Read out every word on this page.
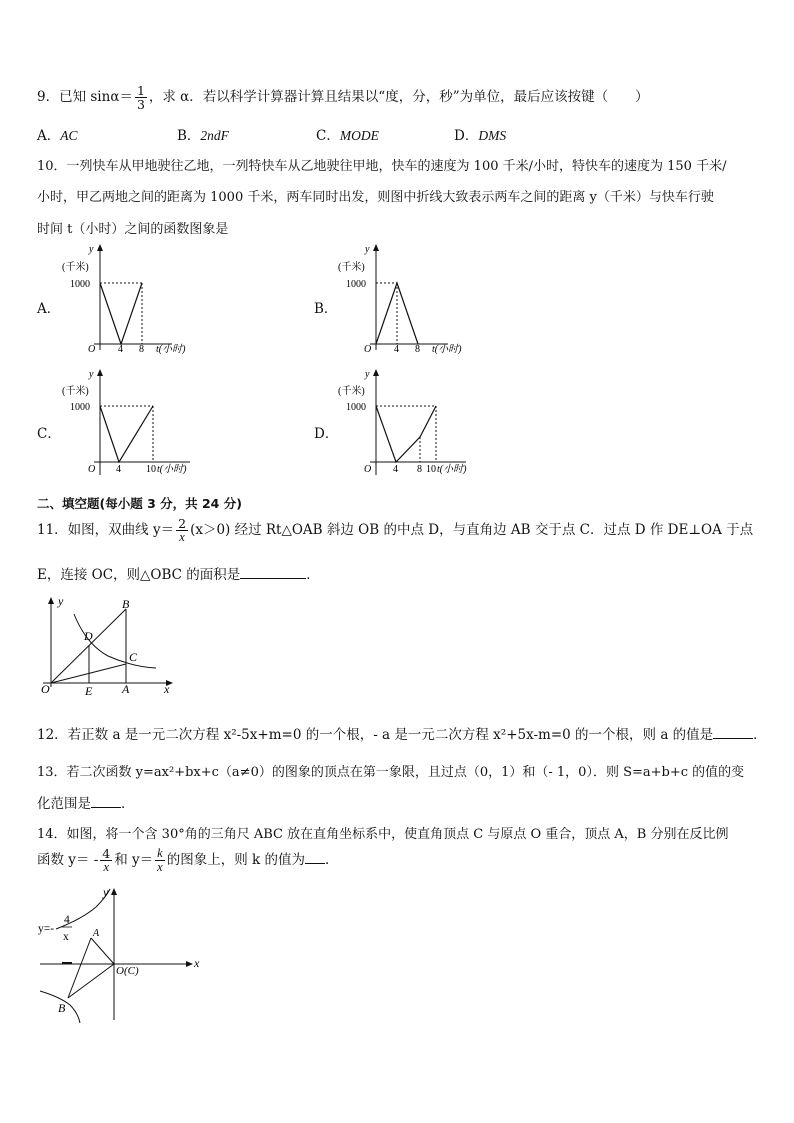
9．已知 $\sin\alpha= \frac{1}{3}$ ，求 α．若以科学计算器计算且结果以“度，分，秒”为单位，最后应该按键（　　）
A．AC	B．2ndF	C．MODE	D．DMS
10．一列快车从甲地驶往乙地，一列特快车从乙地驶往甲地，快车的速度为 100 千米/小时，特快车的速度为 150 千米/
小时，甲乙两地之间的距离为 1000 千米，两车同时出发，则图中折线大致表示两车之间的距离 y（千米）与快车行驶
时间 t（小时）之间的函数图象是
A．
y
(千米)
1000
O 4 8 t(小时)
B．
y
(千米)
1000
O 4 8 t(小时)
C．
y
(千米)
1000
O 4	10 t(小时)
D．
y
(千米)
1000
O 4 8 10 t(小时)
二、填空题(每小题 3 分，共 24 分)
11．如图，双曲线 $y= \frac{2}{x} (x>0)$ 经过 Rt△OAB 斜边 OB 的中点 D，与直角边 AB 交于点 C．过点 D 作 DE⊥OA 于点
E，连接 OC，则△OBC 的面积是	．
y	B
D
C
O	E A	x
12．若正数 a 是一元二次方程 x²-5x+m=0 的一个根，- a 是一元二次方程 x²+5x-m=0 的一个根，则 a 的值是	．
13．若二次函数 y=ax²+bx+c（a≠0）的图象的顶点在第一象限，且过点（0，1）和（- 1，0）．则 S=a+b+c 的值的变
化范围是 ．
14．如图，将一个含 30°角的三角尺 ABC 放在直角坐标系中，使直角顶点 C 与原点 O 重合，顶点 A，B 分别在反比例
函数 $y= - \frac{4}{x}$ 和 $y= \frac{k}{x}$ 的图象上，则 k 的值为 ．
y=-
4
x
y
A
O(C)
x
B
